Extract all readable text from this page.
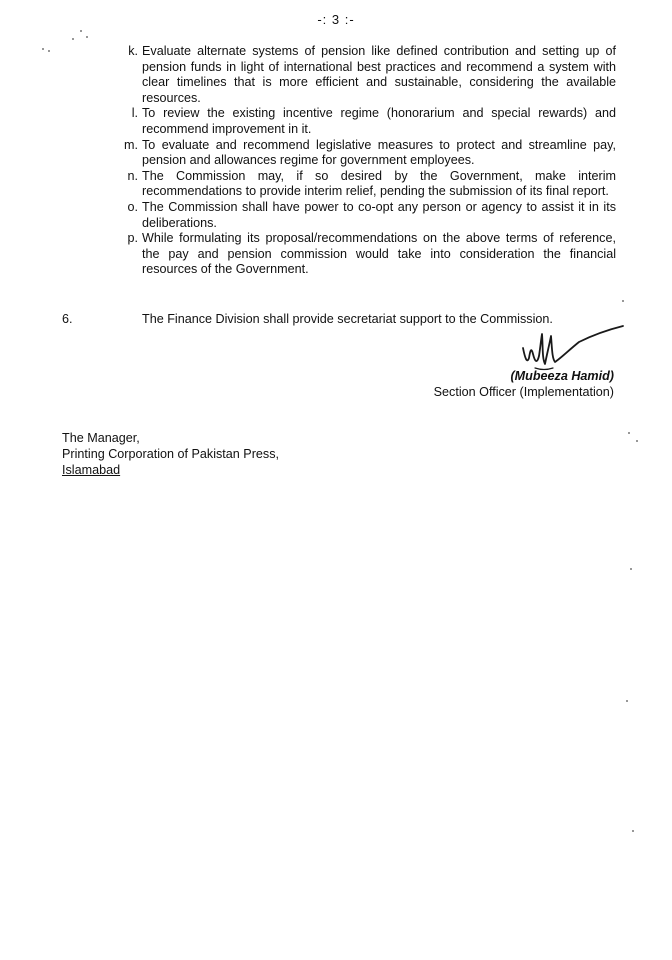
-: 3 :-
k. Evaluate alternate systems of pension like defined contribution and setting up of pension funds in light of international best practices and recommend a system with clear timelines that is more efficient and sustainable, considering the available resources.
l. To review the existing incentive regime (honorarium and special rewards) and recommend improvement in it.
m. To evaluate and recommend legislative measures to protect and streamline pay, pension and allowances regime for government employees.
n. The Commission may, if so desired by the Government, make interim recommendations to provide interim relief, pending the submission of its final report.
o. The Commission shall have power to co-opt any person or agency to assist it in its deliberations.
p. While formulating its proposal/recommendations on the above terms of reference, the pay and pension commission would take into consideration the financial resources of the Government.
6.	The Finance Division shall provide secretariat support to the Commission.
(Mubeeza Hamid)
Section Officer (Implementation)
The Manager,
Printing Corporation of Pakistan Press,
Islamabad
